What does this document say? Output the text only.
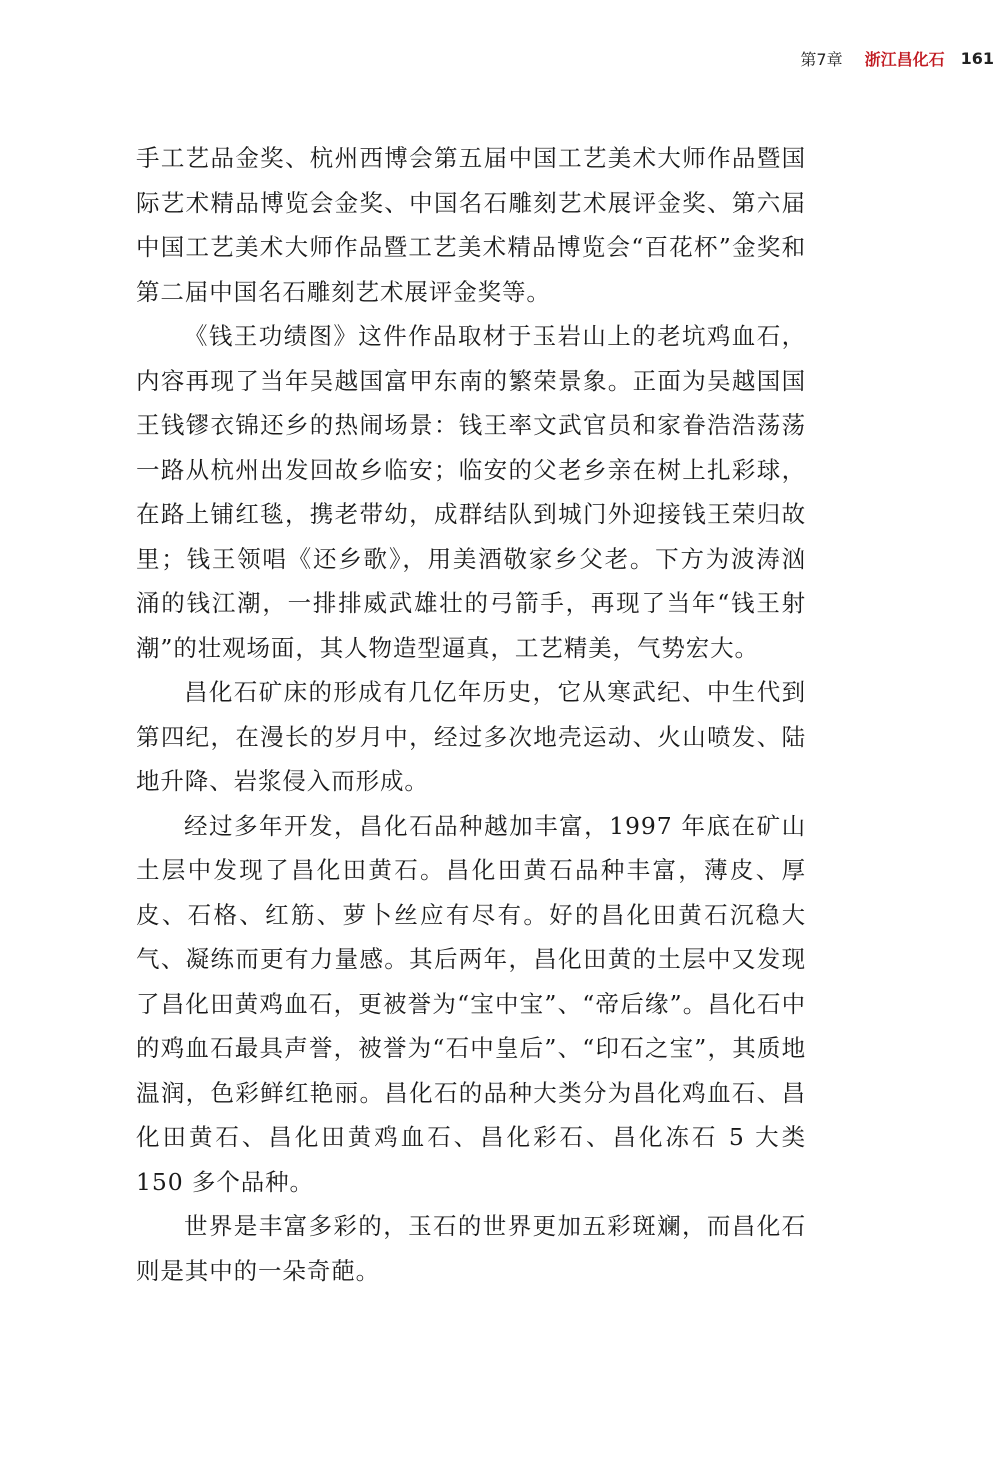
第7章 浙江昌化石 161

手工艺品金奖、杭州西博会第五届中国工艺美术大师作品暨国际艺术精品博览会金奖、中国名石雕刻艺术展评金奖、第六届中国工艺美术大师作品暨工艺美术精品博览会“百花杯”金奖和第二届中国名石雕刻艺术展评金奖等。

《钱王功绩图》这件作品取材于玉岩山上的老坑鸡血石，内容再现了当年吴越国富甲东南的繁荣景象。正面为吴越国国王钱镠衣锦还乡的热闹场景：钱王率文武官员和家眷浩浩荡荡一路从杭州出发回故乡临安；临安的父老乡亲在树上扎彩球，在路上铺红毯，携老带幼，成群结队到城门外迎接钱王荣归故里；钱王领唱《还乡歌》，用美酒敬家乡父老。下方为波涛汹涌的钱江潮，一排排威武雄壮的弓箭手，再现了当年“钱王射潮”的壮观场面，其人物造型逼真，工艺精美，气势宏大。

昌化石矿床的形成有几亿年历史，它从寒武纪、中生代到第四纪，在漫长的岁月中，经过多次地壳运动、火山喷发、陆地升降、岩浆侵入而形成。

经过多年开发，昌化石品种越加丰富，1997 年底在矿山土层中发现了昌化田黄石。昌化田黄石品种丰富，薄皮、厚皮、石格、红筋、萝卜丝应有尽有。好的昌化田黄石沉稳大气、凝练而更有力量感。其后两年，昌化田黄的土层中又发现了昌化田黄鸡血石，更被誉为“宝中宝”、“帝后缘”。昌化石中的鸡血石最具声誉，被誉为“石中皇后”、“印石之宝”，其质地温润，色彩鲜红艳丽。昌化石的品种大类分为昌化鸡血石、昌化田黄石、昌化田黄鸡血石、昌化彩石、昌化冻石 5 大类 150 多个品种。

世界是丰富多彩的，玉石的世界更加五彩斑斓，而昌化石则是其中的一朵奇葩。
